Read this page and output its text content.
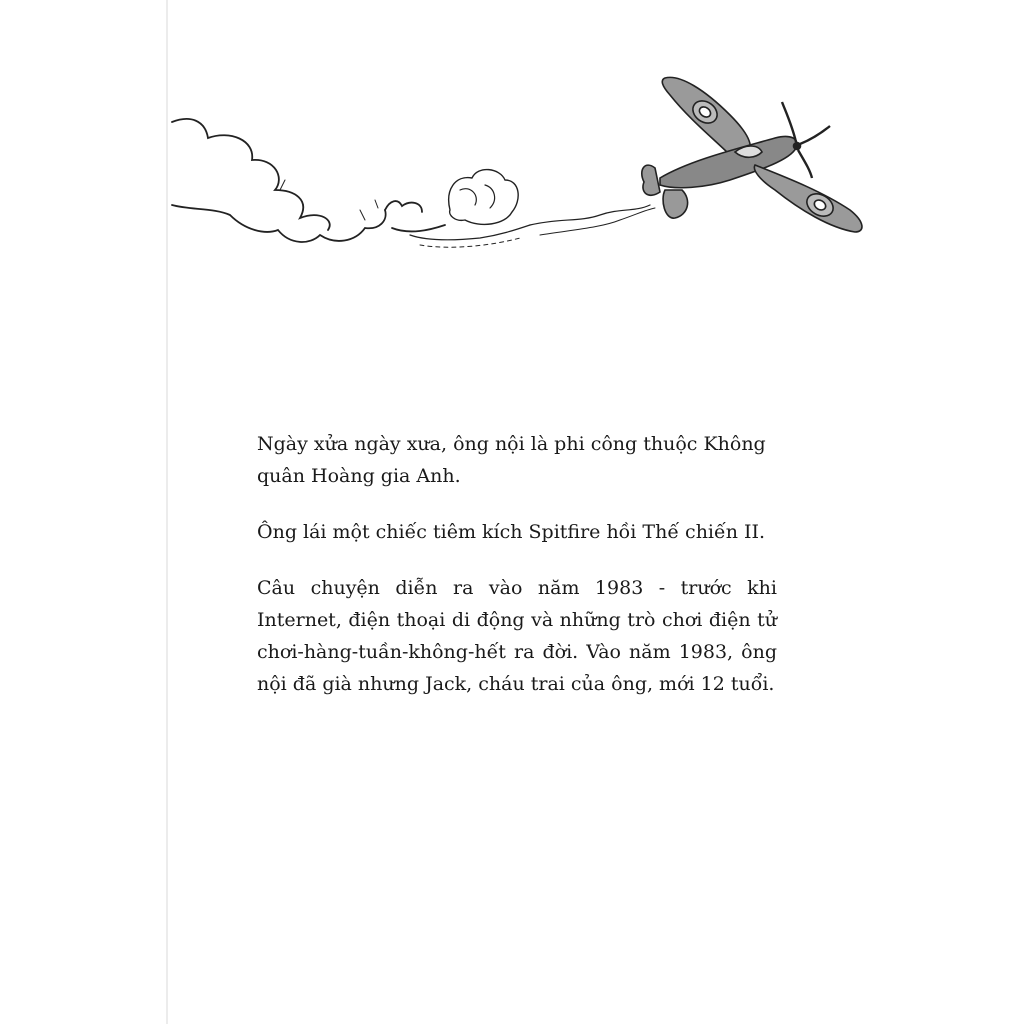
Ngày xửa ngày xưa, ông nội là phi công thuộc Không quân Hoàng gia Anh.

Ông lái một chiếc tiêm kích Spitfire hồi Thế chiến II.

Câu chuyện diễn ra vào năm 1983 - trước khi Internet, điện thoại di động và những trò chơi điện tử chơi-hàng-tuần-không-hết ra đời. Vào năm 1983, ông nội đã già nhưng Jack, cháu trai của ông, mới 12 tuổi.
